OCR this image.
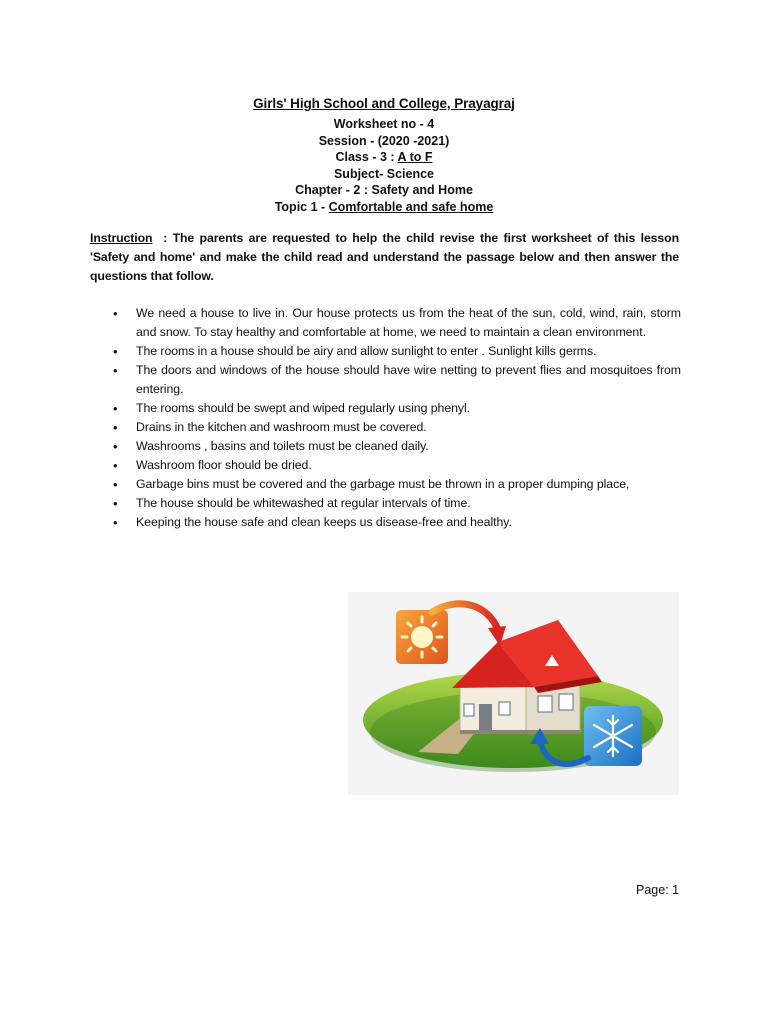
Girls' High School and College, Prayagraj
Worksheet no - 4
Session - (2020 -2021)
Class - 3 : A to F
Subject- Science
Chapter - 2 : Safety and Home
Topic 1 - Comfortable and safe home
Instruction : The parents are requested to help the child revise the first worksheet of this lesson 'Safety and home' and make the child read and understand the passage below and then answer the questions that follow.
• We need a house to live in. Our house protects us from the heat of the sun, cold, wind, rain, storm and snow. To stay healthy and comfortable at home, we need to maintain a clean environment.
• The rooms in a house should be airy and allow sunlight to enter . Sunlight kills germs.
• The doors and windows of the house should have wire netting to prevent flies and mosquitoes from entering.
• The rooms should be swept and wiped regularly using phenyl.
• Drains in the kitchen and washroom must be covered.
• Washrooms , basins and toilets must be cleaned daily.
• Washroom floor should be dried.
• Garbage bins must be covered and the garbage must be thrown in a proper dumping place,
• The house should be whitewashed at regular intervals of time.
• Keeping the house safe and clean keeps us disease-free and healthy.
Page: 1
